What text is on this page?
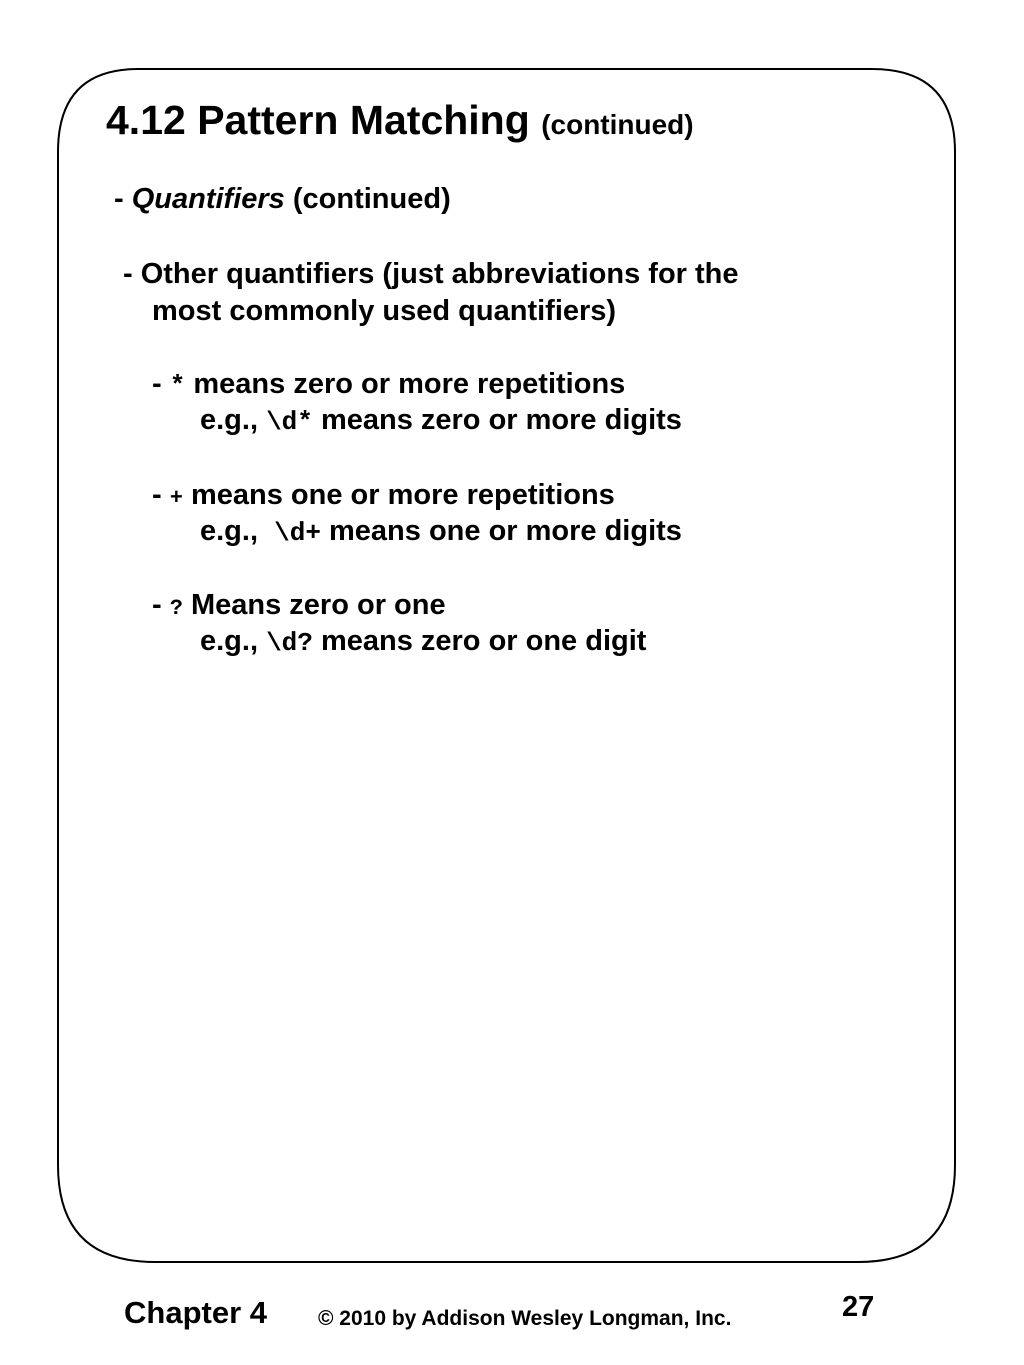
4.12 Pattern Matching (continued)
- Quantifiers (continued)
- Other quantifiers (just abbreviations for the
most commonly used quantifiers)
- * means zero or more repetitions
e.g., \d* means zero or more digits
- + means one or more repetitions
e.g.,  \d+ means one or more digits
- ? Means zero or one
e.g., \d? means zero or one digit
Chapter 4 © 2010 by Addison Wesley Longman, Inc.	27
